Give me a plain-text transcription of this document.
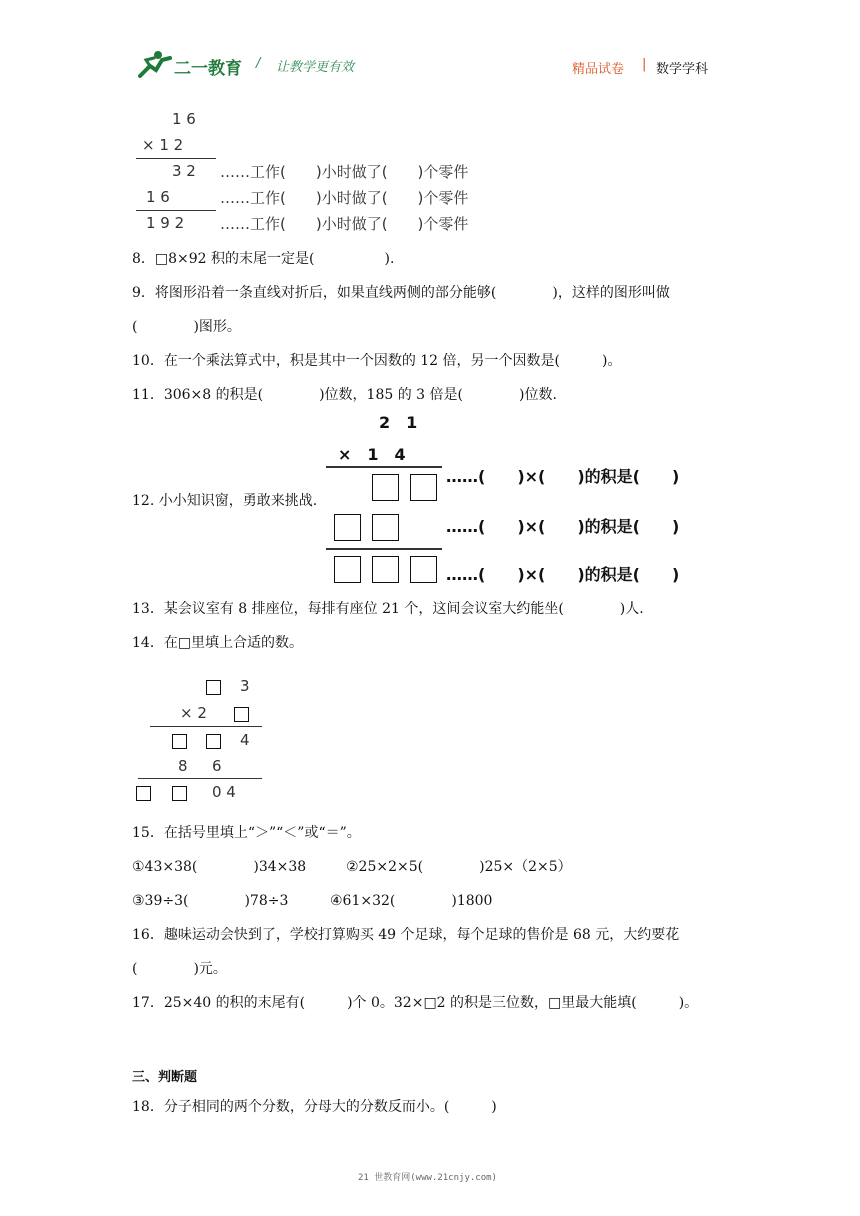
二一教育 / 让教学更有效	精品试卷 | 数学学科
1 6
× 1 2
3 2
1 6
1 9 2
……工作(　　)小时做了(　　)个零件
……工作(　　)小时做了(　　)个零件
……工作(　　)小时做了(　　)个零件
8．□8×92 积的末尾一定是(　　　　　).
9．将图形沿着一条直线对折后，如果直线两侧的部分能够(　　　　)，这样的图形叫做
(　　　　)图形。
10．在一个乘法算式中，积是其中一个因数的 12 倍，另一个因数是(　　　)。
11．306×8 的积是(　　　　)位数，185 的 3 倍是(　　　　)位数.
2　1
×　1　4
12. 小小知识窗，勇敢来挑战.
……(　　)×(　　)的积是(　　)
……(　　)×(　　)的积是(　　)
……(　　)×(　　)的积是(　　)
13．某会议室有 8 排座位，每排有座位 21 个，这间会议室大约能坐(　　　　)人.
14．在□里填上合适的数。
3
× 2
4
8 6
0 4
15．在括号里填上“＞”“＜”或“＝”。
①43×38(　　　　)34×38	②25×2×5(　　　　)25×（2×5）
③39÷3(　　　　)78÷3	④61×32(　　　　)1800
16．趣味运动会快到了，学校打算购买 49 个足球，每个足球的售价是 68 元，大约要花
(　　　　)元。
17．25×40 的积的末尾有(　　　)个 0。32×□2 的积是三位数，□里最大能填(　　　)。
三、判断题
18．分子相同的两个分数，分母大的分数反而小。(　　　)
21 世教育网(www.21cnjy.com)
